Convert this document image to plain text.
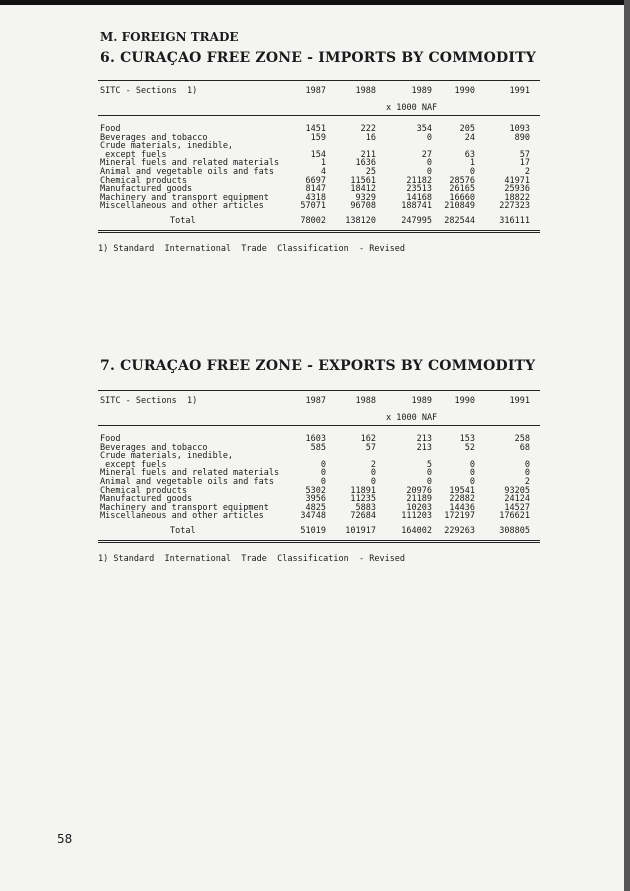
M. FOREIGN TRADE
6. CURAÇAO FREE ZONE - IMPORTS BY COMMODITY
SITC - Sections  1)	1987	1988	1989	1990	1991
x 1000 NAF
Food	1451	222	354	205	1093
Beverages and tobacco	159	16	0	24	890
Crude materials, inedible,
except fuels	154	211	27	63	57
Mineral fuels and related materials	1	1636	0	1	17
Animal and vegetable oils and fats	4	25	0	0	2
Chemical products	6697	11561	21182	28576	41971
Manufactured goods	8147	18412	23513	26165	25936
Machinery and transport equipment	4318	9329	14168	16660	18822
Miscellaneous and other articles	57071	96708	188741	210849	227323
Total	78002	138120	247995	282544	316111
1) Standard  International  Trade  Classification  - Revised
7. CURAÇAO FREE ZONE - EXPORTS BY COMMODITY
SITC - Sections  1)	1987	1988	1989	1990	1991
x 1000 NAF
Food	1603	162	213	153	258
Beverages and tobacco	585	57	213	52	68
Crude materials, inedible,
except fuels	0	2	5	0	0
Mineral fuels and related materials	0	0	0	0	0
Animal and vegetable oils and fats	0	0	0	0	2
Chemical products	5302	11891	20976	19541	93205
Manufactured goods	3956	11235	21189	22882	24124
Machinery and transport equipment	4825	5883	10203	14436	14527
Miscellaneous and other articles	34748	72684	111203	172197	176621
Total	51019	101917	164002	229263	308805
1) Standard  International  Trade  Classification  - Revised
58
